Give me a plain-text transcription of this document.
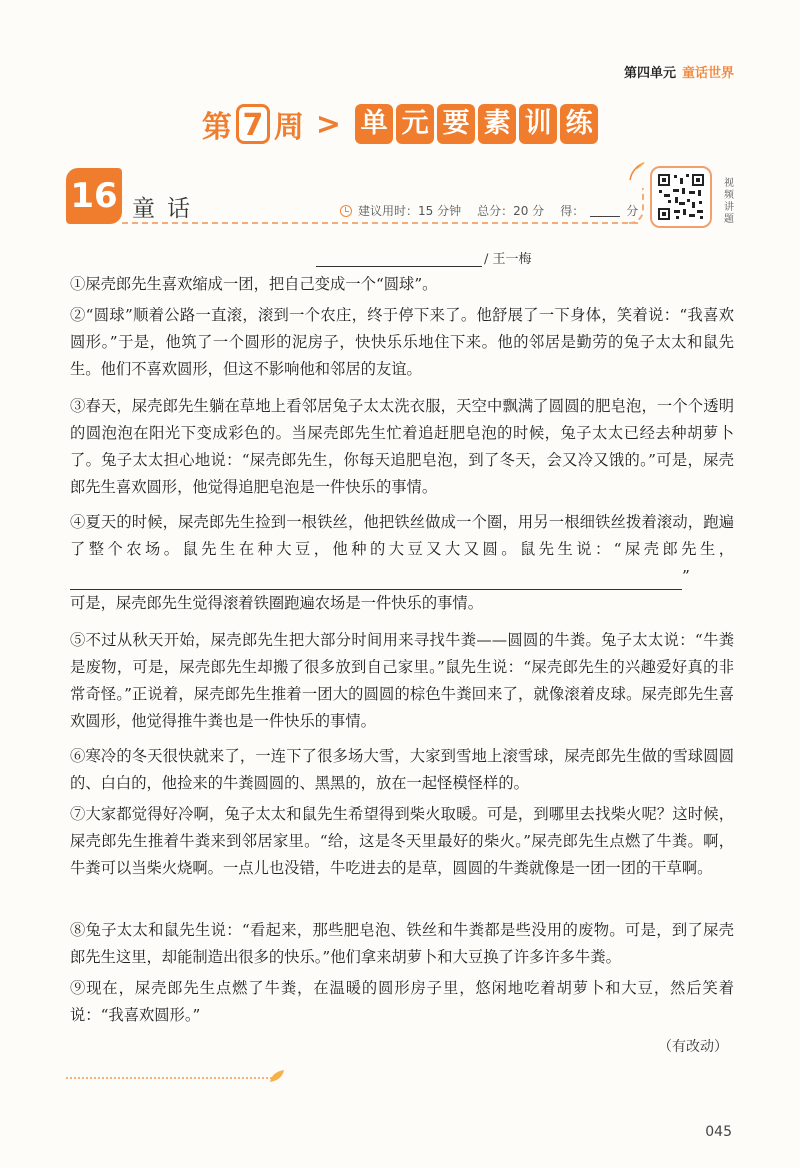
第四单元 童话世界
第 7 周 > 单 元 要 素 训 练
16 童话	建议用时：15 分钟 总分：20 分 得：	分
视
频
讲
题
/ 王一梅

①屎壳郎先生喜欢缩成一团，把自己变成一个“圆球”。

②“圆球”顺着公路一直滚，滚到一个农庄，终于停下来了。他舒展了一下身体，笑着说：“我喜欢圆形。”于是，他筑了一个圆形的泥房子，快快乐乐地住下来。他的邻居是勤劳的兔子太太和鼠先生。他们不喜欢圆形，但这不影响他和邻居的友谊。

③春天，屎壳郎先生躺在草地上看邻居兔子太太洗衣服，天空中飘满了圆圆的肥皂泡，一个个透明的圆泡泡在阳光下变成彩色的。当屎壳郎先生忙着追赶肥皂泡的时候，兔子太太已经去种胡萝卜了。兔子太太担心地说：“屎壳郎先生，你每天追肥皂泡，到了冬天，会又冷又饿的。”可是，屎壳郎先生喜欢圆形，他觉得追肥皂泡是一件快乐的事情。

④夏天的时候，屎壳郎先生捡到一根铁丝，他把铁丝做成一个圈，用另一根细铁丝拨着滚动，跑遍了整个农场。鼠先生在种大豆，他种的大豆又大又圆。鼠先生说：“屎壳郎先生，”
可是，屎壳郎先生觉得滚着铁圈跑遍农场是一件快乐的事情。

⑤不过从秋天开始，屎壳郎先生把大部分时间用来寻找牛粪——圆圆的牛粪。兔子太太说：“牛粪是废物，可是，屎壳郎先生却搬了很多放到自己家里。”鼠先生说：“屎壳郎先生的兴趣爱好真的非常奇怪。”正说着，屎壳郎先生推着一团大的圆圆的棕色牛粪回来了，就像滚着皮球。屎壳郎先生喜欢圆形，他觉得推牛粪也是一件快乐的事情。

⑥寒冷的冬天很快就来了，一连下了很多场大雪，大家到雪地上滚雪球，屎壳郎先生做的雪球圆圆的、白白的，他捡来的牛粪圆圆的、黑黑的，放在一起怪模怪样的。

⑦大家都觉得好冷啊，兔子太太和鼠先生希望得到柴火取暖。可是，到哪里去找柴火呢？这时候，屎壳郎先生推着牛粪来到邻居家里。“给，这是冬天里最好的柴火。”屎壳郎先生点燃了牛粪。啊，牛粪可以当柴火烧啊。一点儿也没错，牛吃进去的是草，圆圆的牛粪就像是一团一团的干草啊。

⑧兔子太太和鼠先生说：“看起来，那些肥皂泡、铁丝和牛粪都是些没用的废物。可是，到了屎壳郎先生这里，却能制造出很多的快乐。”他们拿来胡萝卜和大豆换了许多许多牛粪。

⑨现在，屎壳郎先生点燃了牛粪，在温暖的圆形房子里，悠闲地吃着胡萝卜和大豆，然后笑着说：“我喜欢圆形。”

（有改动）
045
